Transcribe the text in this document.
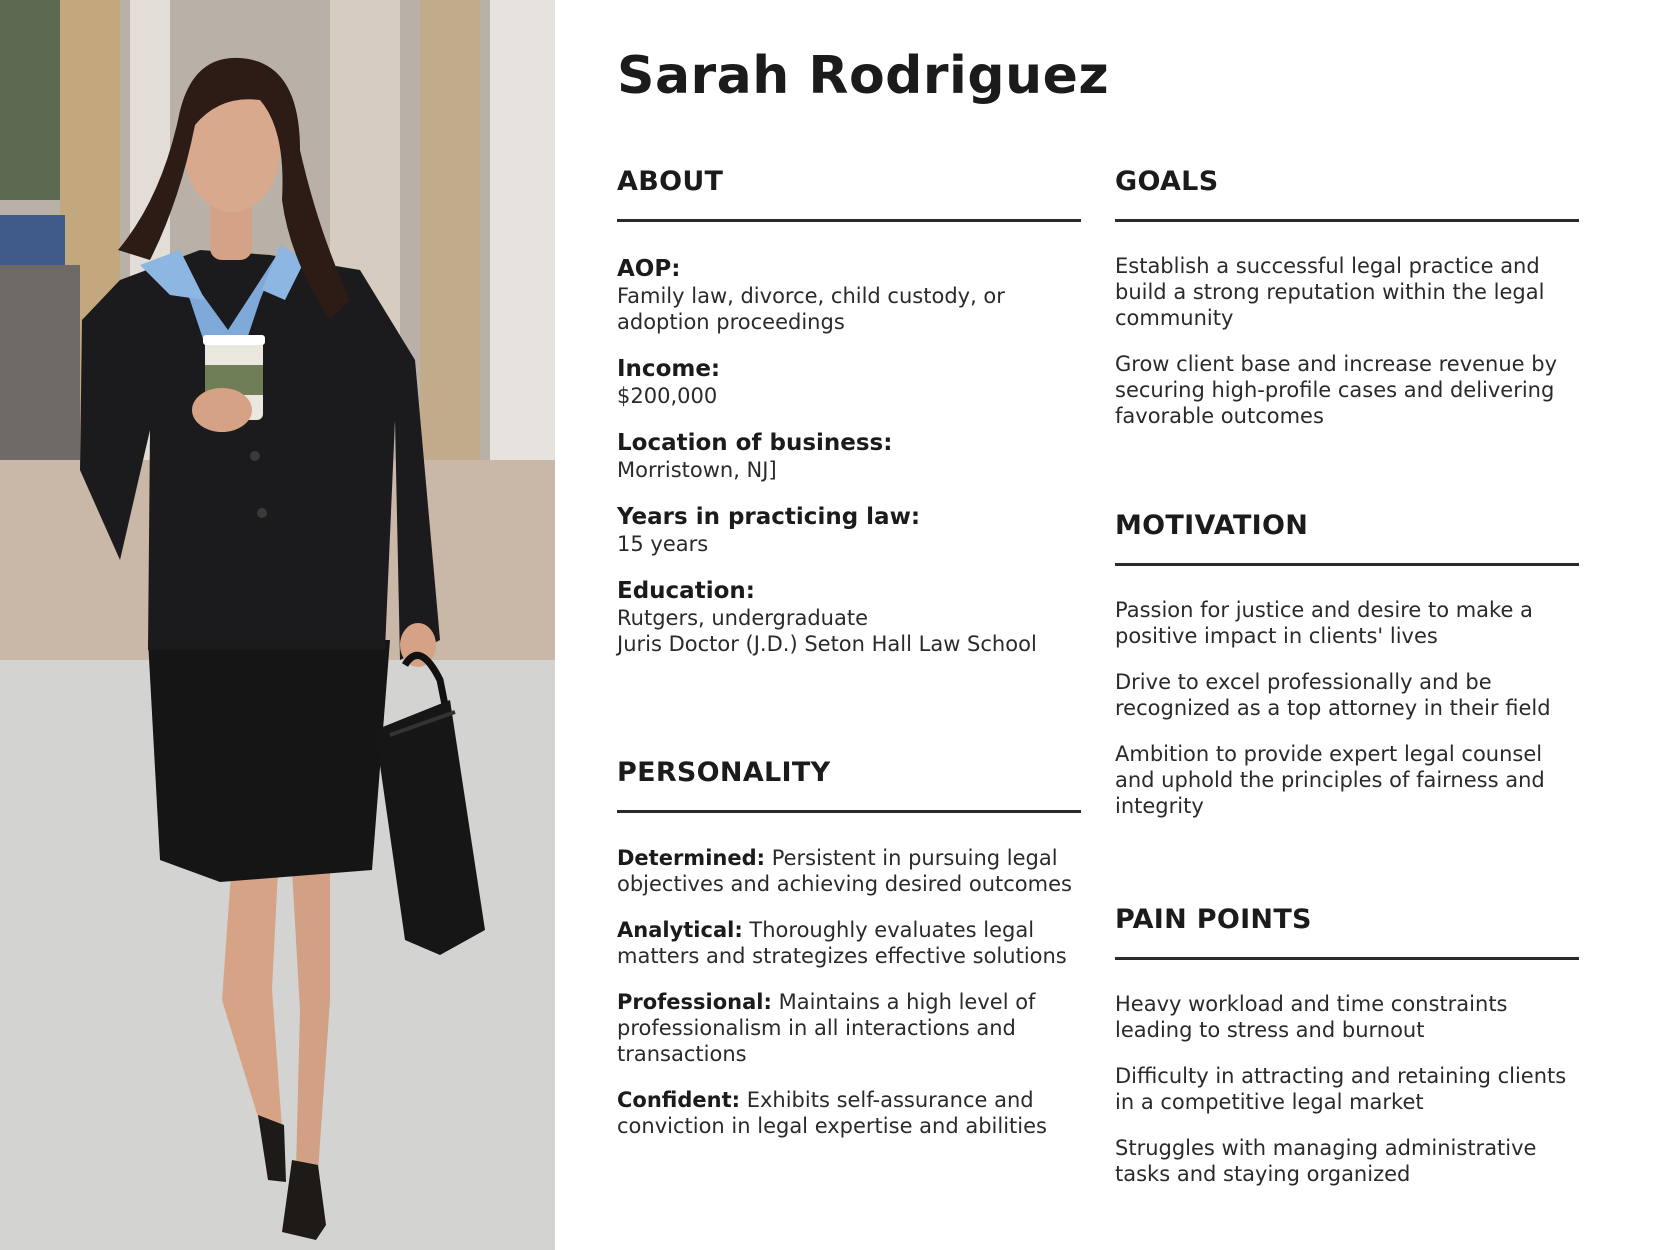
Sarah Rodriguez
ABOUT
AOP:
Family law, divorce, child custody, or adoption proceedings
Income:
$200,000
Location of business:
Morristown, NJ]
Years in practicing law:
15 years
Education:
Rutgers, undergraduate
Juris Doctor (J.D.) Seton Hall Law School
PERSONALITY
Determined: Persistent in pursuing legal objectives and achieving desired outcomes
Analytical: Thoroughly evaluates legal matters and strategizes effective solutions
Professional: Maintains a high level of professionalism in all interactions and transactions
Confident: Exhibits self-assurance and conviction in legal expertise and abilities
GOALS
Establish a successful legal practice and build a strong reputation within the legal community
Grow client base and increase revenue by securing high-profile cases and delivering favorable outcomes
MOTIVATION
Passion for justice and desire to make a positive impact in clients' lives
Drive to excel professionally and be recognized as a top attorney in their field
Ambition to provide expert legal counsel and uphold the principles of fairness and integrity
PAIN POINTS
Heavy workload and time constraints leading to stress and burnout
Difficulty in attracting and retaining clients in a competitive legal market
Struggles with managing administrative tasks and staying organized
